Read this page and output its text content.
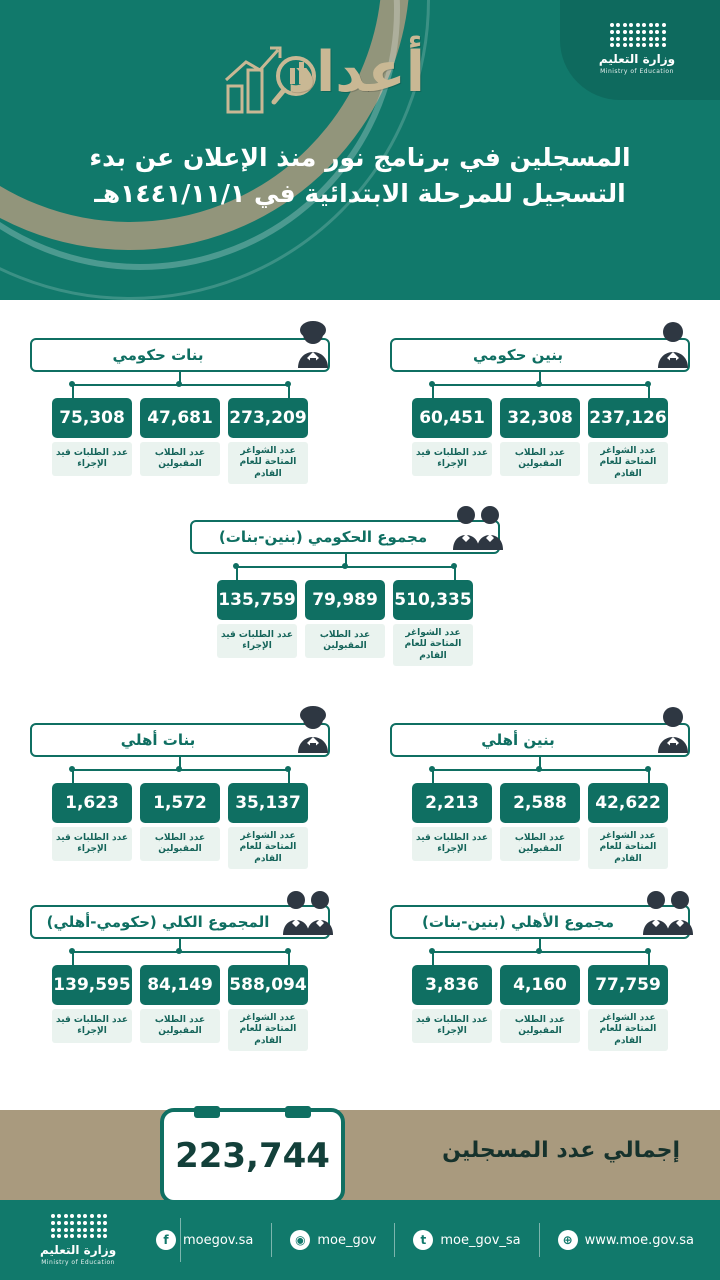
وزارة التعليم
Ministry of Education
أعداد
المسجلين في برنامج نور منذ الإعلان عن بدء التسجيل للمرحلة الابتدائية في ١٤٤١/١١/١هـ
بنين حكومي
237,126
عدد الشواغر المتاحة للعام القادم
32,308
عدد الطلاب المقبولين
60,451
عدد الطلبات قيد الإجراء
بنات حكومي
273,209
عدد الشواغر المتاحة للعام القادم
47,681
عدد الطلاب المقبولين
75,308
عدد الطلبات قيد الإجراء
مجموع الحكومي (بنين-بنات)
510,335
عدد الشواغر المتاحة للعام القادم
79,989
عدد الطلاب المقبولين
135,759
عدد الطلبات قيد الإجراء
بنين أهلي
42,622
عدد الشواغر المتاحة للعام القادم
2,588
عدد الطلاب المقبولين
2,213
عدد الطلبات قيد الإجراء
بنات أهلي
35,137
عدد الشواغر المتاحة للعام القادم
1,572
عدد الطلاب المقبولين
1,623
عدد الطلبات قيد الإجراء
مجموع الأهلي (بنين-بنات)
77,759
عدد الشواغر المتاحة للعام القادم
4,160
عدد الطلاب المقبولين
3,836
عدد الطلبات قيد الإجراء
المجموع الكلي (حكومي-أهلي)
588,094
عدد الشواغر المتاحة للعام القادم
84,149
عدد الطلاب المقبولين
139,595
عدد الطلبات قيد الإجراء
إجمالي عدد المسجلين
223,744
f	moegov.sa	◉ moe_gov	t	moe_gov_sa	⊕ www.moe.gov.sa
وزارة التعليم
Ministry of Education
